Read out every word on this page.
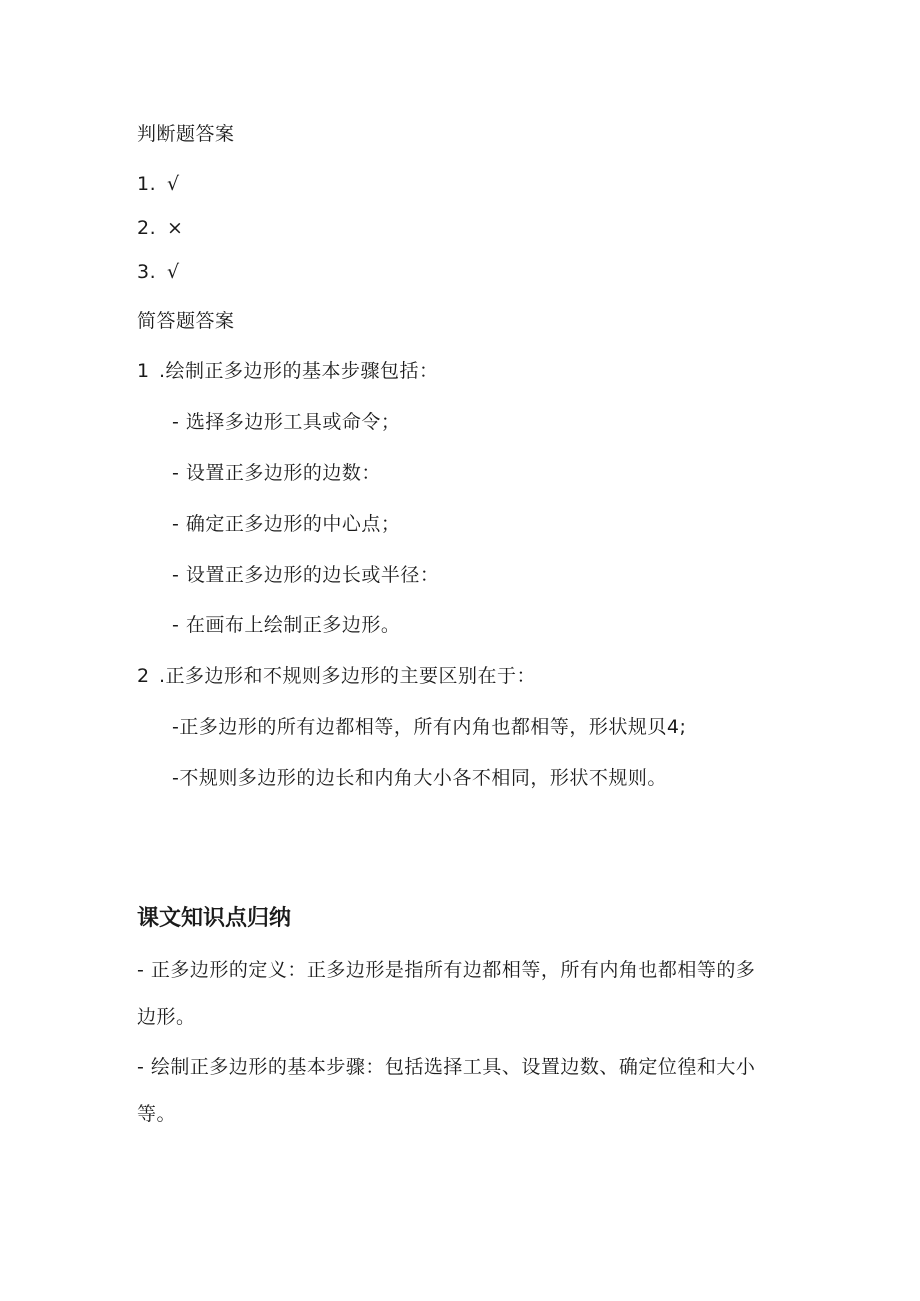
判断题答案
1. √
2. ×
3. √
简答题答案
1 .绘制正多边形的基本步骤包括：
- 选择多边形工具或命令；
- 设置正多边形的边数：
- 确定正多边形的中心点；
- 设置正多边形的边长或半径：
- 在画布上绘制正多边形。
2 .正多边形和不规则多边形的主要区别在于：
-正多边形的所有边都相等，所有内角也都相等，形状规贝4;
-不规则多边形的边长和内角大小各不相同，形状不规则。
课文知识点归纳
- 正多边形的定义：正多边形是指所有边都相等，所有内角也都相等的多
边形。
- 绘制正多边形的基本步骤：包括选择工具、设置边数、确定位徨和大小
等。
